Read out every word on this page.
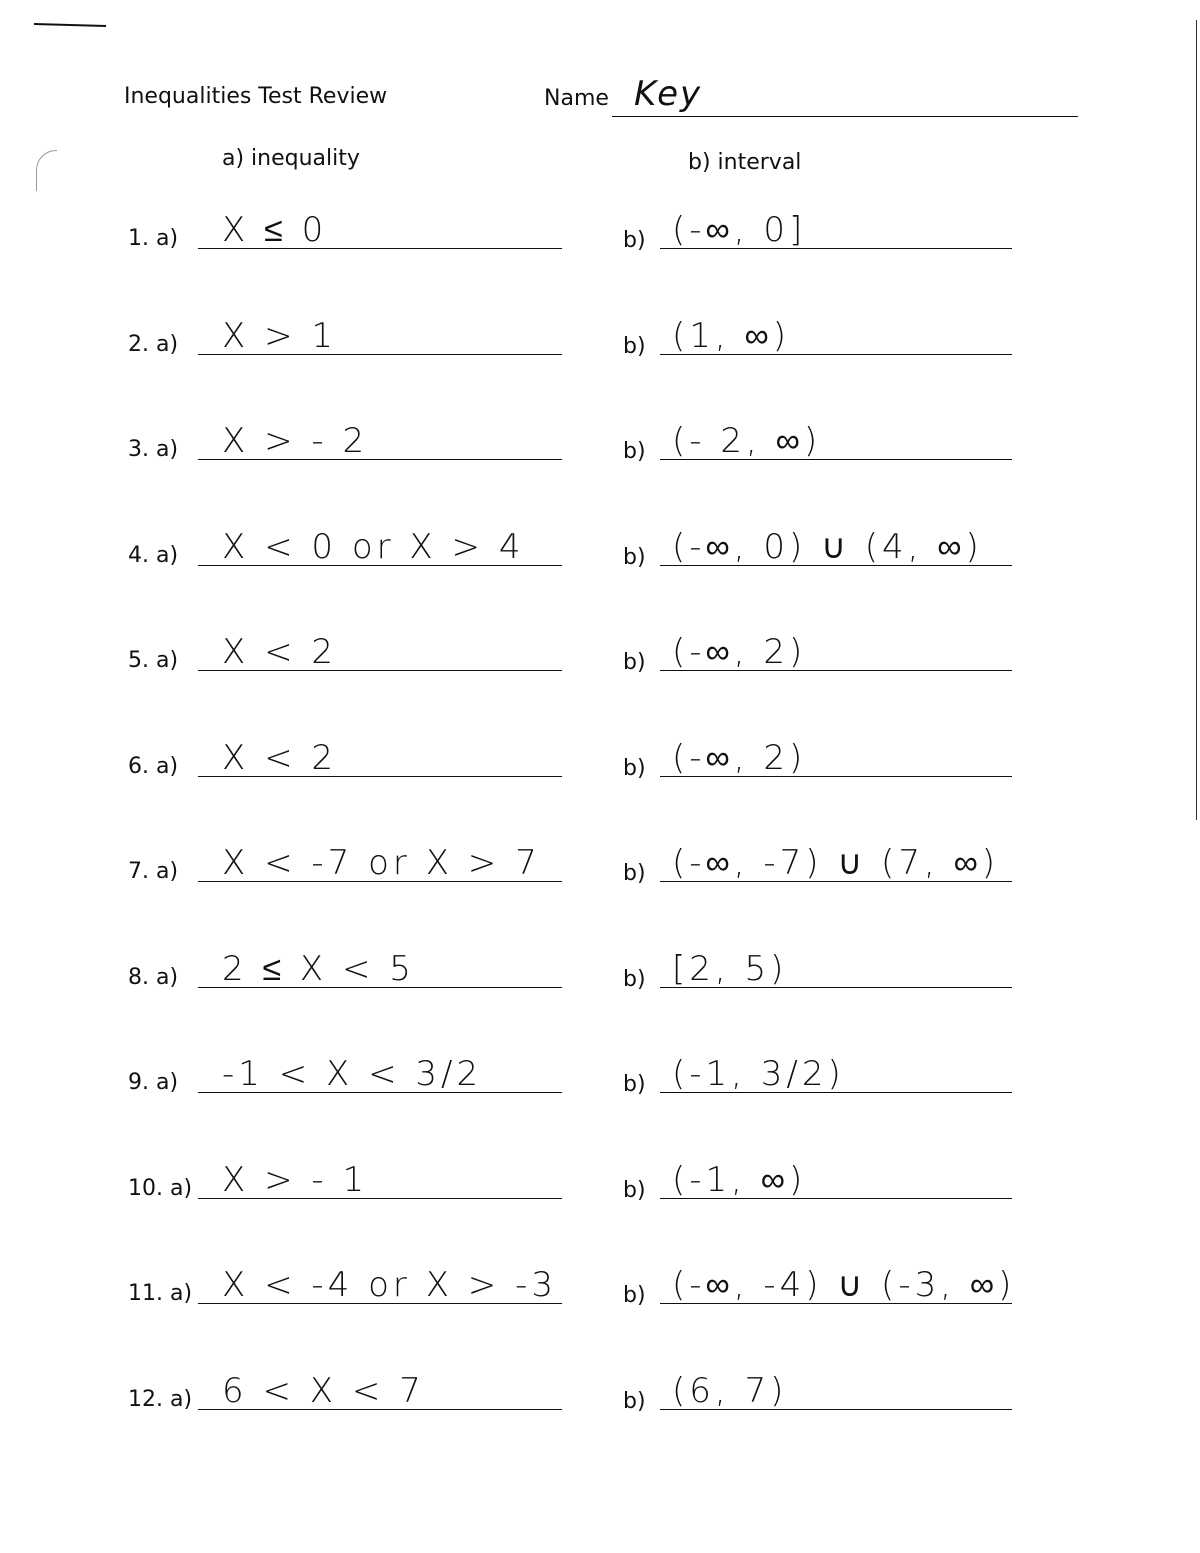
Inequalities Test Review	Name Key
a) inequality	b) interval
1. a) X ≤ 0	b) (-∞, 0]
2. a) X > 1	b) (1, ∞)
3. a) X > - 2	b) (- 2, ∞)
4. a) X < 0 or X > 4	b) (-∞, 0) ∪ (4, ∞)
5. a) X < 2	b) (-∞, 2)
6. a) X < 2	b) (-∞, 2)
7. a) X < -7 or X > 7	b) (-∞, -7) ∪ (7, ∞)
8. a) 2 ≤ X < 5	b) [2, 5)
9. a) -1 < X < 3/2	b) (-1, 3/2)
10. a) X > - 1	b) (-1, ∞)
11. a) X < -4 or X > -3	b) (-∞, -4) ∪ (-3, ∞)
12. a) 6 < X < 7	b) (6, 7)
